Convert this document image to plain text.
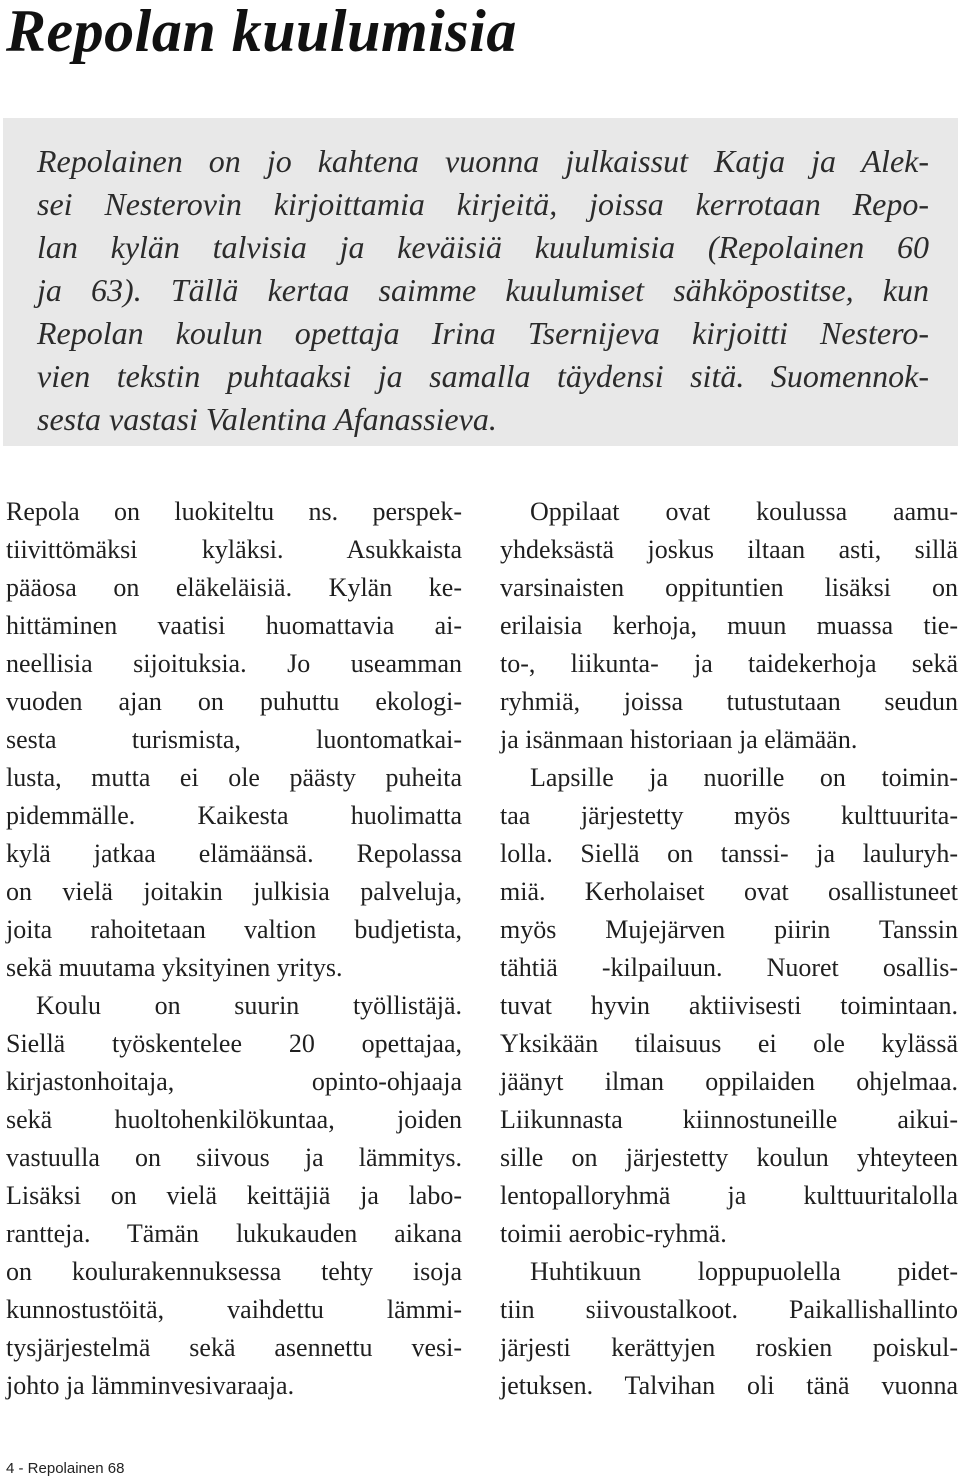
Repolan kuulumisia
Repolainen on jo kahtena vuonna julkaissut Katja ja Alek-
sei Nesterovin kirjoittamia kirjeitä, joissa kerrotaan Repo-
lan kylän talvisia ja keväisiä kuulumisia (Repolainen 60
ja 63). Tällä kertaa saimme kuulumiset sähköpostitse, kun
Repolan koulun opettaja Irina Tsernijeva kirjoitti Nestero-
vien tekstin puhtaaksi ja samalla täydensi sitä. Suomennok-
sesta vastasi Valentina Afanassieva.
Repola on luokiteltu ns. perspek-
tiivittömäksi kyläksi. Asukkaista
pääosa on eläkeläisiä. Kylän ke-
hittäminen vaatisi huomattavia ai-
neellisia sijoituksia. Jo useamman
vuoden ajan on puhuttu ekologi-
sesta turismista, luontomatkai-
lusta, mutta ei ole päästy puheita
pidemmälle. Kaikesta huolimatta
kylä jatkaa elämäänsä. Repolassa
on vielä joitakin julkisia palveluja,
joita rahoitetaan valtion budjetista,
sekä muutama yksityinen yritys.
Koulu on suurin työllistäjä.
Siellä työskentelee 20 opettajaa,
kirjastonhoitaja, opinto-ohjaaja
sekä huoltohenkilökuntaa, joiden
vastuulla on siivous ja lämmitys.
Lisäksi on vielä keittäjiä ja labo-
rantteja. Tämän lukukauden aikana
on koulurakennuksessa tehty isoja
kunnostustöitä, vaihdettu lämmi-
tysjärjestelmä sekä asennettu vesi-
johto ja lämminvesivaraaja.
Oppilaat ovat koulussa aamu-
yhdeksästä joskus iltaan asti, sillä
varsinaisten oppituntien lisäksi on
erilaisia kerhoja, muun muassa tie-
to-, liikunta- ja taidekerhoja sekä
ryhmiä, joissa tutustutaan seudun
ja isänmaan historiaan ja elämään.
Lapsille ja nuorille on toimin-
taa järjestetty myös kulttuurita-
lolla. Siellä on tanssi- ja lauluryh-
miä. Kerholaiset ovat osallistuneet
myös Mujejärven piirin Tanssin
tähtiä -kilpailuun. Nuoret osallis-
tuvat hyvin aktiivisesti toimintaan.
Yksikään tilaisuus ei ole kylässä
jäänyt ilman oppilaiden ohjelmaa.
Liikunnasta kiinnostuneille aikui-
sille on järjestetty koulun yhteyteen
lentopalloryhmä ja kulttuuritalolla
toimii aerobic-ryhmä.
Huhtikuun loppupuolella pidet-
tiin siivoustalkoot. Paikallishallinto
järjesti kerättyjen roskien poiskul-
jetuksen. Talvihan oli tänä vuonna
4 - Repolainen 68
